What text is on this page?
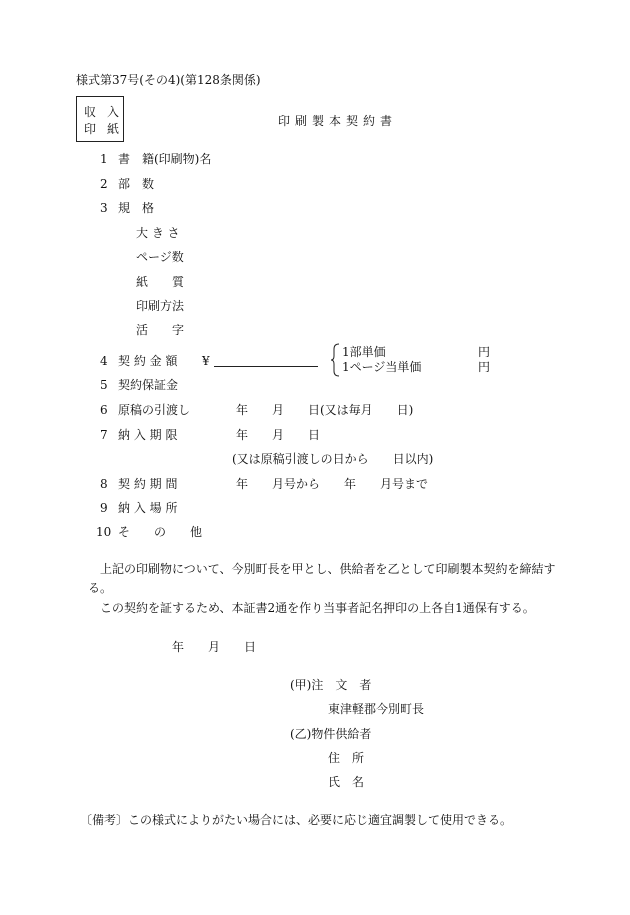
様式第37号(その4)(第128条関係)
収 入
印 紙
印刷製本契約書
1 書　籍(印刷物)名
2 部　数
3 規　格
大 き さ
ページ数
紙　　質
印刷方法
活　　字
4 契 約 金 額 ¥
1部単価	円
1ページ当単価	円
5 契約保証金
6 原稿の引渡し	年　　月　　日(又は毎月　　日)
7 納 入 期 限	年　　月　　日
(又は原稿引渡しの日から　　日以内)
8 契 約 期 間	年　　月号から　　年　　月号まで
9 納 入 場 所
10 そ　　の　　他
上記の印刷物について、今別町長を甲とし、供給者を乙として印刷製本契約を締結す
る。
この契約を証するため、本証書2通を作り当事者記名押印の上各自1通保有する。
年　　月　　日
(甲)注　文　者
東津軽郡今別町長
(乙)物件供給者
住　所
氏　名
〔備考〕この様式によりがたい場合には、必要に応じ適宜調製して使用できる。
